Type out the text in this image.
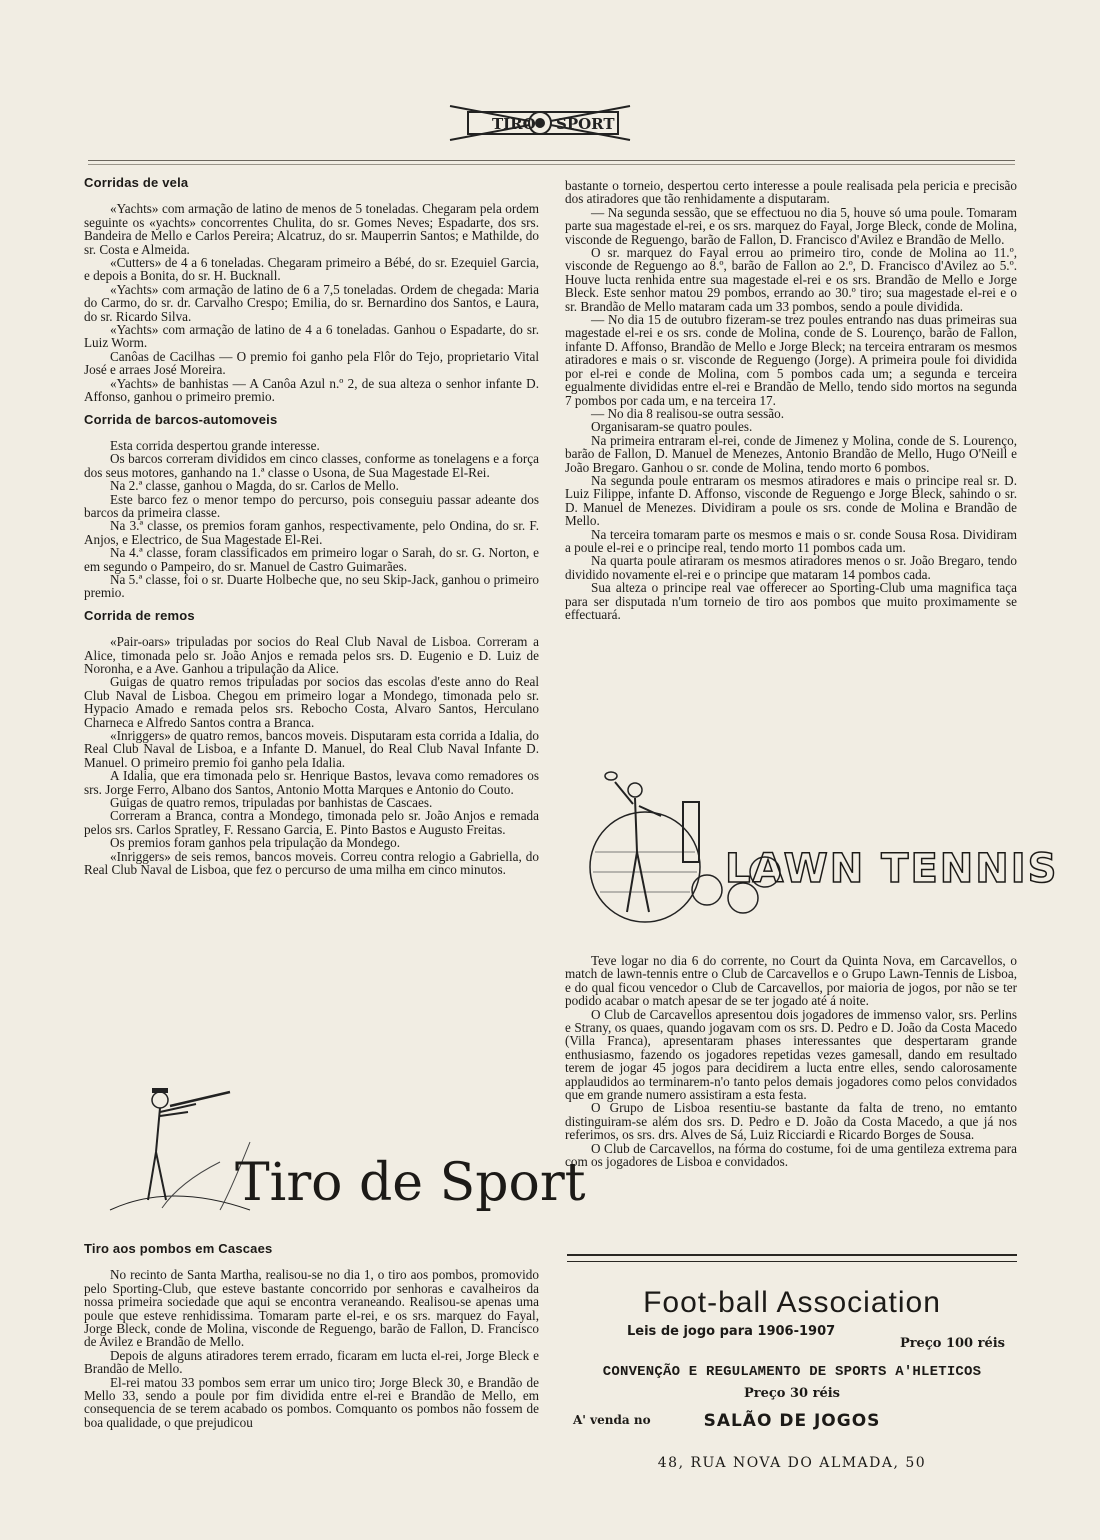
TIRO SPORT
Corridas de vela

«Yachts» com armação de latino de menos de 5 toneladas. Chegaram pela ordem seguinte os «yachts» concorrentes Chulita, do sr. Gomes Neves; Espadarte, dos srs. Bandeira de Mello e Carlos Pereira; Alcatruz, do sr. Mauperrin Santos; e Mathilde, do sr. Costa e Almeida.

«Cutters» de 4 a 6 toneladas. Chegaram primeiro a Bébé, do sr. Ezequiel Garcia, e depois a Bonita, do sr. H. Bucknall.

«Yachts» com armação de latino de 6 a 7,5 toneladas. Ordem de chegada: Maria do Carmo, do sr. dr. Carvalho Crespo; Emilia, do sr. Bernardino dos Santos, e Laura, do sr. Ricardo Silva.

«Yachts» com armação de latino de 4 a 6 toneladas. Ganhou o Espadarte, do sr. Luiz Worm.

Canôas de Cacilhas — O premio foi ganho pela Flôr do Tejo, proprietario Vital José e arraes José Moreira.

«Yachts» de banhistas — A Canôa Azul n.º 2, de sua alteza o senhor infante D. Affonso, ganhou o primeiro premio.

Corrida de barcos-automoveis

Esta corrida despertou grande interesse.

Os barcos correram divididos em cinco classes, conforme as tonelagens e a força dos seus motores, ganhando na 1.ª classe o Usona, de Sua Magestade El-Rei.

Na 2.ª classe, ganhou o Magda, do sr. Carlos de Mello.

Este barco fez o menor tempo do percurso, pois conseguiu passar adeante dos barcos da primeira classe.

Na 3.ª classe, os premios foram ganhos, respectivamente, pelo Ondina, do sr. F. Anjos, e Electrico, de Sua Magestade El-Rei.

Na 4.ª classe, foram classificados em primeiro logar o Sarah, do sr. G. Norton, e em segundo o Pampeiro, do sr. Manuel de Castro Guimarães.

Na 5.ª classe, foi o sr. Duarte Holbeche que, no seu Skip-Jack, ganhou o primeiro premio.

Corrida de remos

«Pair-oars» tripuladas por socios do Real Club Naval de Lisboa. Correram a Alice, timonada pelo sr. João Anjos e remada pelos srs. D. Eugenio e D. Luiz de Noronha, e a Ave. Ganhou a tripulação da Alice.

Guigas de quatro remos tripuladas por socios das escolas d'este anno do Real Club Naval de Lisboa. Chegou em primeiro logar a Mondego, timonada pelo sr. Hypacio Amado e remada pelos srs. Rebocho Costa, Alvaro Santos, Herculano Charneca e Alfredo Santos contra a Branca.

«Inriggers» de quatro remos, bancos moveis. Disputaram esta corrida a Idalia, do Real Club Naval de Lisboa, e a Infante D. Manuel, do Real Club Naval Infante D. Manuel. O primeiro premio foi ganho pela Idalia.

A Idalia, que era timonada pelo sr. Henrique Bastos, levava como remadores os srs. Jorge Ferro, Albano dos Santos, Antonio Motta Marques e Antonio do Couto.

Guigas de quatro remos, tripuladas por banhistas de Cascaes.

Correram a Branca, contra a Mondego, timonada pelo sr. João Anjos e remada pelos srs. Carlos Spratley, F. Ressano Garcia, E. Pinto Bastos e Augusto Freitas.

Os premios foram ganhos pela tripulação da Mondego.

«Inriggers» de seis remos, bancos moveis. Correu contra relogio a Gabriella, do Real Club Naval de Lisboa, que fez o percurso de uma milha em cinco minutos.

Tiro de Sport
Tiro aos pombos em Cascaes

No recinto de Santa Martha, realisou-se no dia 1, o tiro aos pombos, promovido pelo Sporting-Club, que esteve bastante concorrido por senhoras e cavalheiros da nossa primeira sociedade que aqui se encontra veraneando. Realisou-se apenas uma poule que esteve renhidissima. Tomaram parte el-rei, e os srs. marquez do Fayal, Jorge Bleck, conde de Molina, visconde de Reguengo, barão de Fallon, D. Francisco de Avilez e Brandão de Mello.

Depois de alguns atiradores terem errado, ficaram em lucta el-rei, Jorge Bleck e Brandão de Mello.

El-rei matou 33 pombos sem errar um unico tiro; Jorge Bleck 30, e Brandão de Mello 33, sendo a poule por fim dividida entre el-rei e Brandão de Mello, em consequencia de se terem acabado os pombos. Comquanto os pombos não fossem de boa qualidade, o que prejudicou

bastante o torneio, despertou certo interesse a poule realisada pela pericia e precisão dos atiradores que tão renhidamente a disputaram.

— Na segunda sessão, que se effectuou no dia 5, houve só uma poule. Tomaram parte sua magestade el-rei, e os srs. marquez do Fayal, Jorge Bleck, conde de Molina, visconde de Reguengo, barão de Fallon, D. Francisco d'Avilez e Brandão de Mello.

O sr. marquez do Fayal errou ao primeiro tiro, conde de Molina ao 11.º, visconde de Reguengo ao 8.º, barão de Fallon ao 2.º, D. Francisco d'Avilez ao 5.º. Houve lucta renhida entre sua magestade el-rei e os srs. Brandão de Mello e Jorge Bleck. Este senhor matou 29 pombos, errando ao 30.º tiro; sua magestade el-rei e o sr. Brandão de Mello mataram cada um 33 pombos, sendo a poule dividida.

— No dia 15 de outubro fizeram-se trez poules entrando nas duas primeiras sua magestade el-rei e os srs. conde de Molina, conde de S. Lourenço, barão de Fallon, infante D. Affonso, Brandão de Mello e Jorge Bleck; na terceira entraram os mesmos atiradores e mais o sr. visconde de Reguengo (Jorge). A primeira poule foi dividida por el-rei e conde de Molina, com 5 pombos cada um; a segunda e terceira egualmente divididas entre el-rei e Brandão de Mello, tendo sido mortos na segunda 7 pombos por cada um, e na terceira 17.

— No dia 8 realisou-se outra sessão.

Organisaram-se quatro poules.

Na primeira entraram el-rei, conde de Jimenez y Molina, conde de S. Lourenço, barão de Fallon, D. Manuel de Menezes, Antonio Brandão de Mello, Hugo O'Neill e João Bregaro. Ganhou o sr. conde de Molina, tendo morto 6 pombos.

Na segunda poule entraram os mesmos atiradores e mais o principe real sr. D. Luiz Filippe, infante D. Affonso, visconde de Reguengo e Jorge Bleck, sahindo o sr. D. Manuel de Menezes. Dividiram a poule os srs. conde de Molina e Brandão de Mello.

Na terceira tomaram parte os mesmos e mais o sr. conde Sousa Rosa. Dividiram a poule el-rei e o principe real, tendo morto 11 pombos cada um.

Na quarta poule atiraram os mesmos atiradores menos o sr. João Bregaro, tendo dividido novamente el-rei e o principe que mataram 14 pombos cada.

Sua alteza o principe real vae offerecer ao Sporting-Club uma magnifica taça para ser disputada n'um torneio de tiro aos pombos que muito proximamente se effectuará.

LAWN TENNIS

Teve logar no dia 6 do corrente, no Court da Quinta Nova, em Carcavellos, o match de lawn-tennis entre o Club de Carcavellos e o Grupo Lawn-Tennis de Lisboa, e do qual ficou vencedor o Club de Carcavellos, por maioria de jogos, por não se ter podido acabar o match apesar de se ter jogado até á noite.

O Club de Carcavellos apresentou dois jogadores de immenso valor, srs. Perlins e Strany, os quaes, quando jogavam com os srs. D. Pedro e D. João da Costa Macedo (Villa Franca), apresentaram phases interessantes que despertaram grande enthusiasmo, fazendo os jogadores repetidas vezes gamesall, dando em resultado terem de jogar 45 jogos para decidirem a lucta entre elles, sendo calorosamente applaudidos ao terminarem-n'o tanto pelos demais jogadores como pelos convidados que em grande numero assistiram a esta festa.

O Grupo de Lisboa resentiu-se bastante da falta de treno, no emtanto distinguiram-se além dos srs. D. Pedro e D. João da Costa Macedo, a que já nos referimos, os srs. drs. Alves de Sá, Luiz Ricciardi e Ricardo Borges de Sousa.

O Club de Carcavellos, na fórma do costume, foi de uma gentileza extrema para com os jogadores de Lisboa e convidados.

Foot-ball Association
Leis de jogo para 1906-1907
Preço 100 réis
CONVENÇÃO E REGULAMENTO DE SPORTS A'HLETICOS
Preço 30 réis
A' venda no	SALÃO DE JOGOS
48, RUA NOVA DO ALMADA, 50
